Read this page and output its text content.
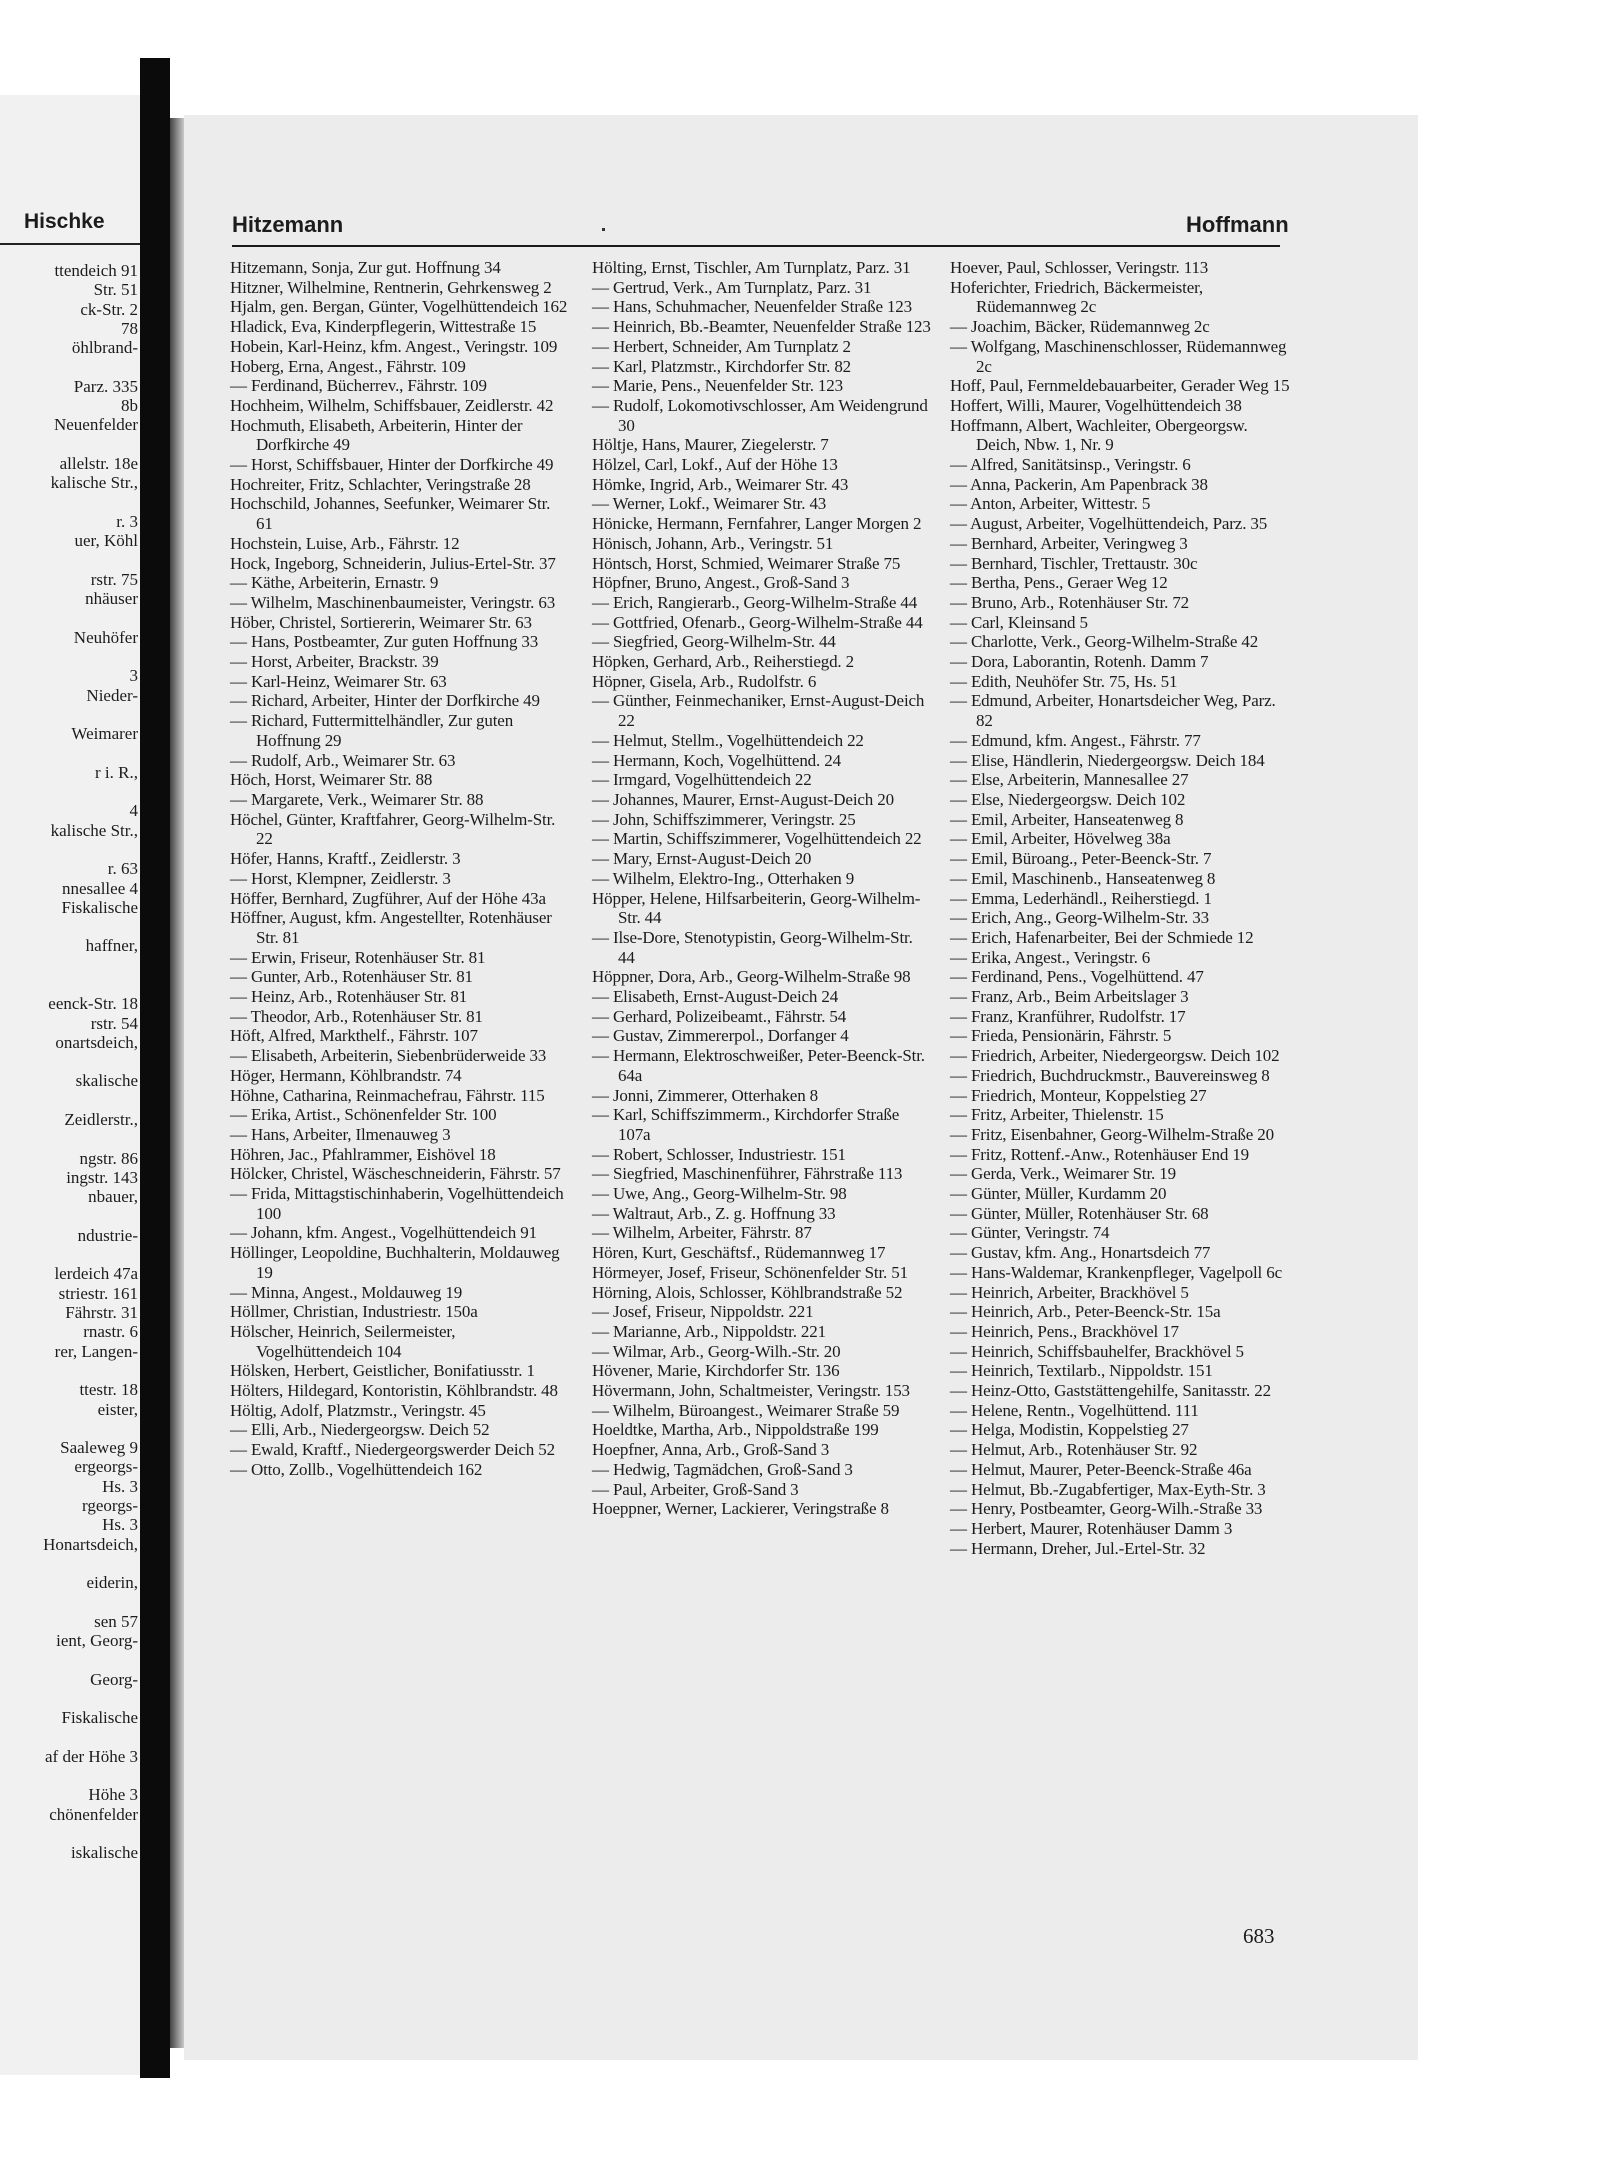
Hischke
ttendeich 91
Str. 51
ck-Str. 2
78
öhlbrand-

Parz. 335
8b
Neuenfelder

allelstr. 18e
kalische Str.,

r. 3
uer, Köhl

rstr. 75
nhäuser

Neuhöfer

3
Nieder-

Weimarer

r i. R.,

4
kalische Str.,

r. 63
nnesallee 4
Fiskalische

haffner,

eenck-Str. 18
rstr. 54
onartsdeich,

skalische

Zeidlerstr.,

ngstr. 86
ingstr. 143
nbauer,

ndustrie-

lerdeich 47a
striestr. 161
Fährstr. 31
rnastr. 6
rer, Langen-

ttestr. 18
eister,

Saaleweg 9
ergeorgs-
Hs. 3
rgeorgs-
Hs. 3
Honartsdeich,

eiderin,

sen 57
ient, Georg-

Georg-

Fiskalische

af der Höhe 3

Höhe 3
chönenfelder

iskalische
Hitzemann	Hoffmann
Hitzemann, Sonja, Zur gut. Hoffnung 34
Hitzner, Wilhelmine, Rentnerin, Gehrkensweg 2
Hjalm, gen. Bergan, Günter, Vogelhüttendeich 162
Hladick, Eva, Kinderpflegerin, Wittestraße 15
Hobein, Karl-Heinz, kfm. Angest., Veringstr. 109
Hoberg, Erna, Angest., Fährstr. 109
— Ferdinand, Bücherrev., Fährstr. 109
Hochheim, Wilhelm, Schiffsbauer, Zeidlerstr. 42
Hochmuth, Elisabeth, Arbeiterin, Hinter der Dorfkirche 49
— Horst, Schiffsbauer, Hinter der Dorfkirche 49
Hochreiter, Fritz, Schlachter, Veringstraße 28
Hochschild, Johannes, Seefunker, Weimarer Str. 61
Hochstein, Luise, Arb., Fährstr. 12
Hock, Ingeborg, Schneiderin, Julius-Ertel-Str. 37
— Käthe, Arbeiterin, Ernastr. 9
— Wilhelm, Maschinenbaumeister, Veringstr. 63
Höber, Christel, Sortiererin, Weimarer Str. 63
— Hans, Postbeamter, Zur guten Hoffnung 33
— Horst, Arbeiter, Brackstr. 39
— Karl-Heinz, Weimarer Str. 63
— Richard, Arbeiter, Hinter der Dorfkirche 49
— Richard, Futtermittelhändler, Zur guten Hoffnung 29
— Rudolf, Arb., Weimarer Str. 63
Höch, Horst, Weimarer Str. 88
— Margarete, Verk., Weimarer Str. 88
Höchel, Günter, Kraftfahrer, Georg-Wilhelm-Str. 22
Höfer, Hanns, Kraftf., Zeidlerstr. 3
— Horst, Klempner, Zeidlerstr. 3
Höffer, Bernhard, Zugführer, Auf der Höhe 43a
Höffner, August, kfm. Angestellter, Rotenhäuser Str. 81
— Erwin, Friseur, Rotenhäuser Str. 81
— Gunter, Arb., Rotenhäuser Str. 81
— Heinz, Arb., Rotenhäuser Str. 81
— Theodor, Arb., Rotenhäuser Str. 81
Höft, Alfred, Markthelf., Fährstr. 107
— Elisabeth, Arbeiterin, Siebenbrüderweide 33
Höger, Hermann, Köhlbrandstr. 74
Höhne, Catharina, Reinmachefrau, Fährstr. 115
— Erika, Artist., Schönenfelder Str. 100
— Hans, Arbeiter, Ilmenauweg 3
Höhren, Jac., Pfahlrammer, Eishövel 18
Hölcker, Christel, Wäscheschneiderin, Fährstr. 57
— Frida, Mittagstischinhaberin, Vogelhüttendeich 100
— Johann, kfm. Angest., Vogelhüttendeich 91
Höllinger, Leopoldine, Buchhalterin, Moldauweg 19
— Minna, Angest., Moldauweg 19
Höllmer, Christian, Industriestr. 150a
Hölscher, Heinrich, Seilermeister, Vogelhüttendeich 104
Hölsken, Herbert, Geistlicher, Bonifatiusstr. 1
Hölters, Hildegard, Kontoristin, Köhlbrandstr. 48
Höltig, Adolf, Platzmstr., Veringstr. 45
— Elli, Arb., Niedergeorgsw. Deich 52
— Ewald, Kraftf., Niedergeorgswerder Deich 52
— Otto, Zollb., Vogelhüttendeich 162
Hölting, Ernst, Tischler, Am Turnplatz, Parz. 31
— Gertrud, Verk., Am Turnplatz, Parz. 31
— Hans, Schuhmacher, Neuenfelder Straße 123
— Heinrich, Bb.-Beamter, Neuenfelder Straße 123
— Herbert, Schneider, Am Turnplatz 2
— Karl, Platzmstr., Kirchdorfer Str. 82
— Marie, Pens., Neuenfelder Str. 123
— Rudolf, Lokomotivschlosser, Am Weidengrund 30
Höltje, Hans, Maurer, Ziegelerstr. 7
Hölzel, Carl, Lokf., Auf der Höhe 13
Hömke, Ingrid, Arb., Weimarer Str. 43
— Werner, Lokf., Weimarer Str. 43
Hönicke, Hermann, Fernfahrer, Langer Morgen 2
Hönisch, Johann, Arb., Veringstr. 51
Höntsch, Horst, Schmied, Weimarer Straße 75
Höpfner, Bruno, Angest., Groß-Sand 3
— Erich, Rangierarb., Georg-Wilhelm-Straße 44
— Gottfried, Ofenarb., Georg-Wilhelm-Straße 44
— Siegfried, Georg-Wilhelm-Str. 44
Höpken, Gerhard, Arb., Reiherstiegd. 2
Höpner, Gisela, Arb., Rudolfstr. 6
— Günther, Feinmechaniker, Ernst-August-Deich 22
— Helmut, Stellm., Vogelhüttendeich 22
— Hermann, Koch, Vogelhüttend. 24
— Irmgard, Vogelhüttendeich 22
— Johannes, Maurer, Ernst-August-Deich 20
— John, Schiffszimmerer, Veringstr. 25
— Martin, Schiffszimmerer, Vogelhüttendeich 22
— Mary, Ernst-August-Deich 20
— Wilhelm, Elektro-Ing., Otterhaken 9
Höpper, Helene, Hilfsarbeiterin, Georg-Wilhelm-Str. 44
— Ilse-Dore, Stenotypistin, Georg-Wilhelm-Str. 44
Höppner, Dora, Arb., Georg-Wilhelm-Straße 98
— Elisabeth, Ernst-August-Deich 24
— Gerhard, Polizeibeamt., Fährstr. 54
— Gustav, Zimmererpol., Dorfanger 4
— Hermann, Elektroschweißer, Peter-Beenck-Str. 64a
— Jonni, Zimmerer, Otterhaken 8
— Karl, Schiffszimmerm., Kirchdorfer Straße 107a
— Robert, Schlosser, Industriestr. 151
— Siegfried, Maschinenführer, Fährstraße 113
— Uwe, Ang., Georg-Wilhelm-Str. 98
— Waltraut, Arb., Z. g. Hoffnung 33
— Wilhelm, Arbeiter, Fährstr. 87
Hören, Kurt, Geschäftsf., Rüdemannweg 17
Hörmeyer, Josef, Friseur, Schönenfelder Str. 51
Hörning, Alois, Schlosser, Köhlbrandstraße 52
— Josef, Friseur, Nippoldstr. 221
— Marianne, Arb., Nippoldstr. 221
— Wilmar, Arb., Georg-Wilh.-Str. 20
Hövener, Marie, Kirchdorfer Str. 136
Hövermann, John, Schaltmeister, Veringstr. 153
— Wilhelm, Büroangest., Weimarer Straße 59
Hoeldtke, Martha, Arb., Nippoldstraße 199
Hoepfner, Anna, Arb., Groß-Sand 3
— Hedwig, Tagmädchen, Groß-Sand 3
— Paul, Arbeiter, Groß-Sand 3
Hoeppner, Werner, Lackierer, Veringstraße 8
Hoever, Paul, Schlosser, Veringstr. 113
Hoferichter, Friedrich, Bäckermeister, Rüdemannweg 2c
— Joachim, Bäcker, Rüdemannweg 2c
— Wolfgang, Maschinenschlosser, Rüdemannweg 2c
Hoff, Paul, Fernmeldebauarbeiter, Gerader Weg 15
Hoffert, Willi, Maurer, Vogelhüttendeich 38
Hoffmann, Albert, Wachleiter, Obergeorgsw. Deich, Nbw. 1, Nr. 9
— Alfred, Sanitätsinsp., Veringstr. 6
— Anna, Packerin, Am Papenbrack 38
— Anton, Arbeiter, Wittestr. 5
— August, Arbeiter, Vogelhüttendeich, Parz. 35
— Bernhard, Arbeiter, Veringweg 3
— Bernhard, Tischler, Trettaustr. 30c
— Bertha, Pens., Geraer Weg 12
— Bruno, Arb., Rotenhäuser Str. 72
— Carl, Kleinsand 5
— Charlotte, Verk., Georg-Wilhelm-Straße 42
— Dora, Laborantin, Rotenh. Damm 7
— Edith, Neuhöfer Str. 75, Hs. 51
— Edmund, Arbeiter, Honartsdeicher Weg, Parz. 82
— Edmund, kfm. Angest., Fährstr. 77
— Elise, Händlerin, Niedergeorgsw. Deich 184
— Else, Arbeiterin, Mannesallee 27
— Else, Niedergeorgsw. Deich 102
— Emil, Arbeiter, Hanseatenweg 8
— Emil, Arbeiter, Hövelweg 38a
— Emil, Büroang., Peter-Beenck-Str. 7
— Emil, Maschinenb., Hanseatenweg 8
— Emma, Lederhändl., Reiherstiegd. 1
— Erich, Ang., Georg-Wilhelm-Str. 33
— Erich, Hafenarbeiter, Bei der Schmiede 12
— Erika, Angest., Veringstr. 6
— Ferdinand, Pens., Vogelhüttend. 47
— Franz, Arb., Beim Arbeitslager 3
— Franz, Kranführer, Rudolfstr. 17
— Frieda, Pensionärin, Fährstr. 5
— Friedrich, Arbeiter, Niedergeorgsw. Deich 102
— Friedrich, Buchdruckmstr., Bauvereinsweg 8
— Friedrich, Monteur, Koppelstieg 27
— Fritz, Arbeiter, Thielenstr. 15
— Fritz, Eisenbahner, Georg-Wilhelm-Straße 20
— Fritz, Rottenf.-Anw., Rotenhäuser End 19
— Gerda, Verk., Weimarer Str. 19
— Günter, Müller, Kurdamm 20
— Günter, Müller, Rotenhäuser Str. 68
— Günter, Veringstr. 74
— Gustav, kfm. Ang., Honartsdeich 77
— Hans-Waldemar, Krankenpfleger, Vagelpoll 6c
— Heinrich, Arbeiter, Brackhövel 5
— Heinrich, Arb., Peter-Beenck-Str. 15a
— Heinrich, Pens., Brackhövel 17
— Heinrich, Schiffsbauhelfer, Brackhövel 5
— Heinrich, Textilarb., Nippoldstr. 151
— Heinz-Otto, Gaststättengehilfe, Sanitasstr. 22
— Helene, Rentn., Vogelhüttend. 111
— Helga, Modistin, Koppelstieg 27
— Helmut, Arb., Rotenhäuser Str. 92
— Helmut, Maurer, Peter-Beenck-Straße 46a
— Helmut, Bb.-Zugabfertiger, Max-Eyth-Str. 3
— Henry, Postbeamter, Georg-Wilh.-Straße 33
— Herbert, Maurer, Rotenhäuser Damm 3
— Hermann, Dreher, Jul.-Ertel-Str. 32
683
